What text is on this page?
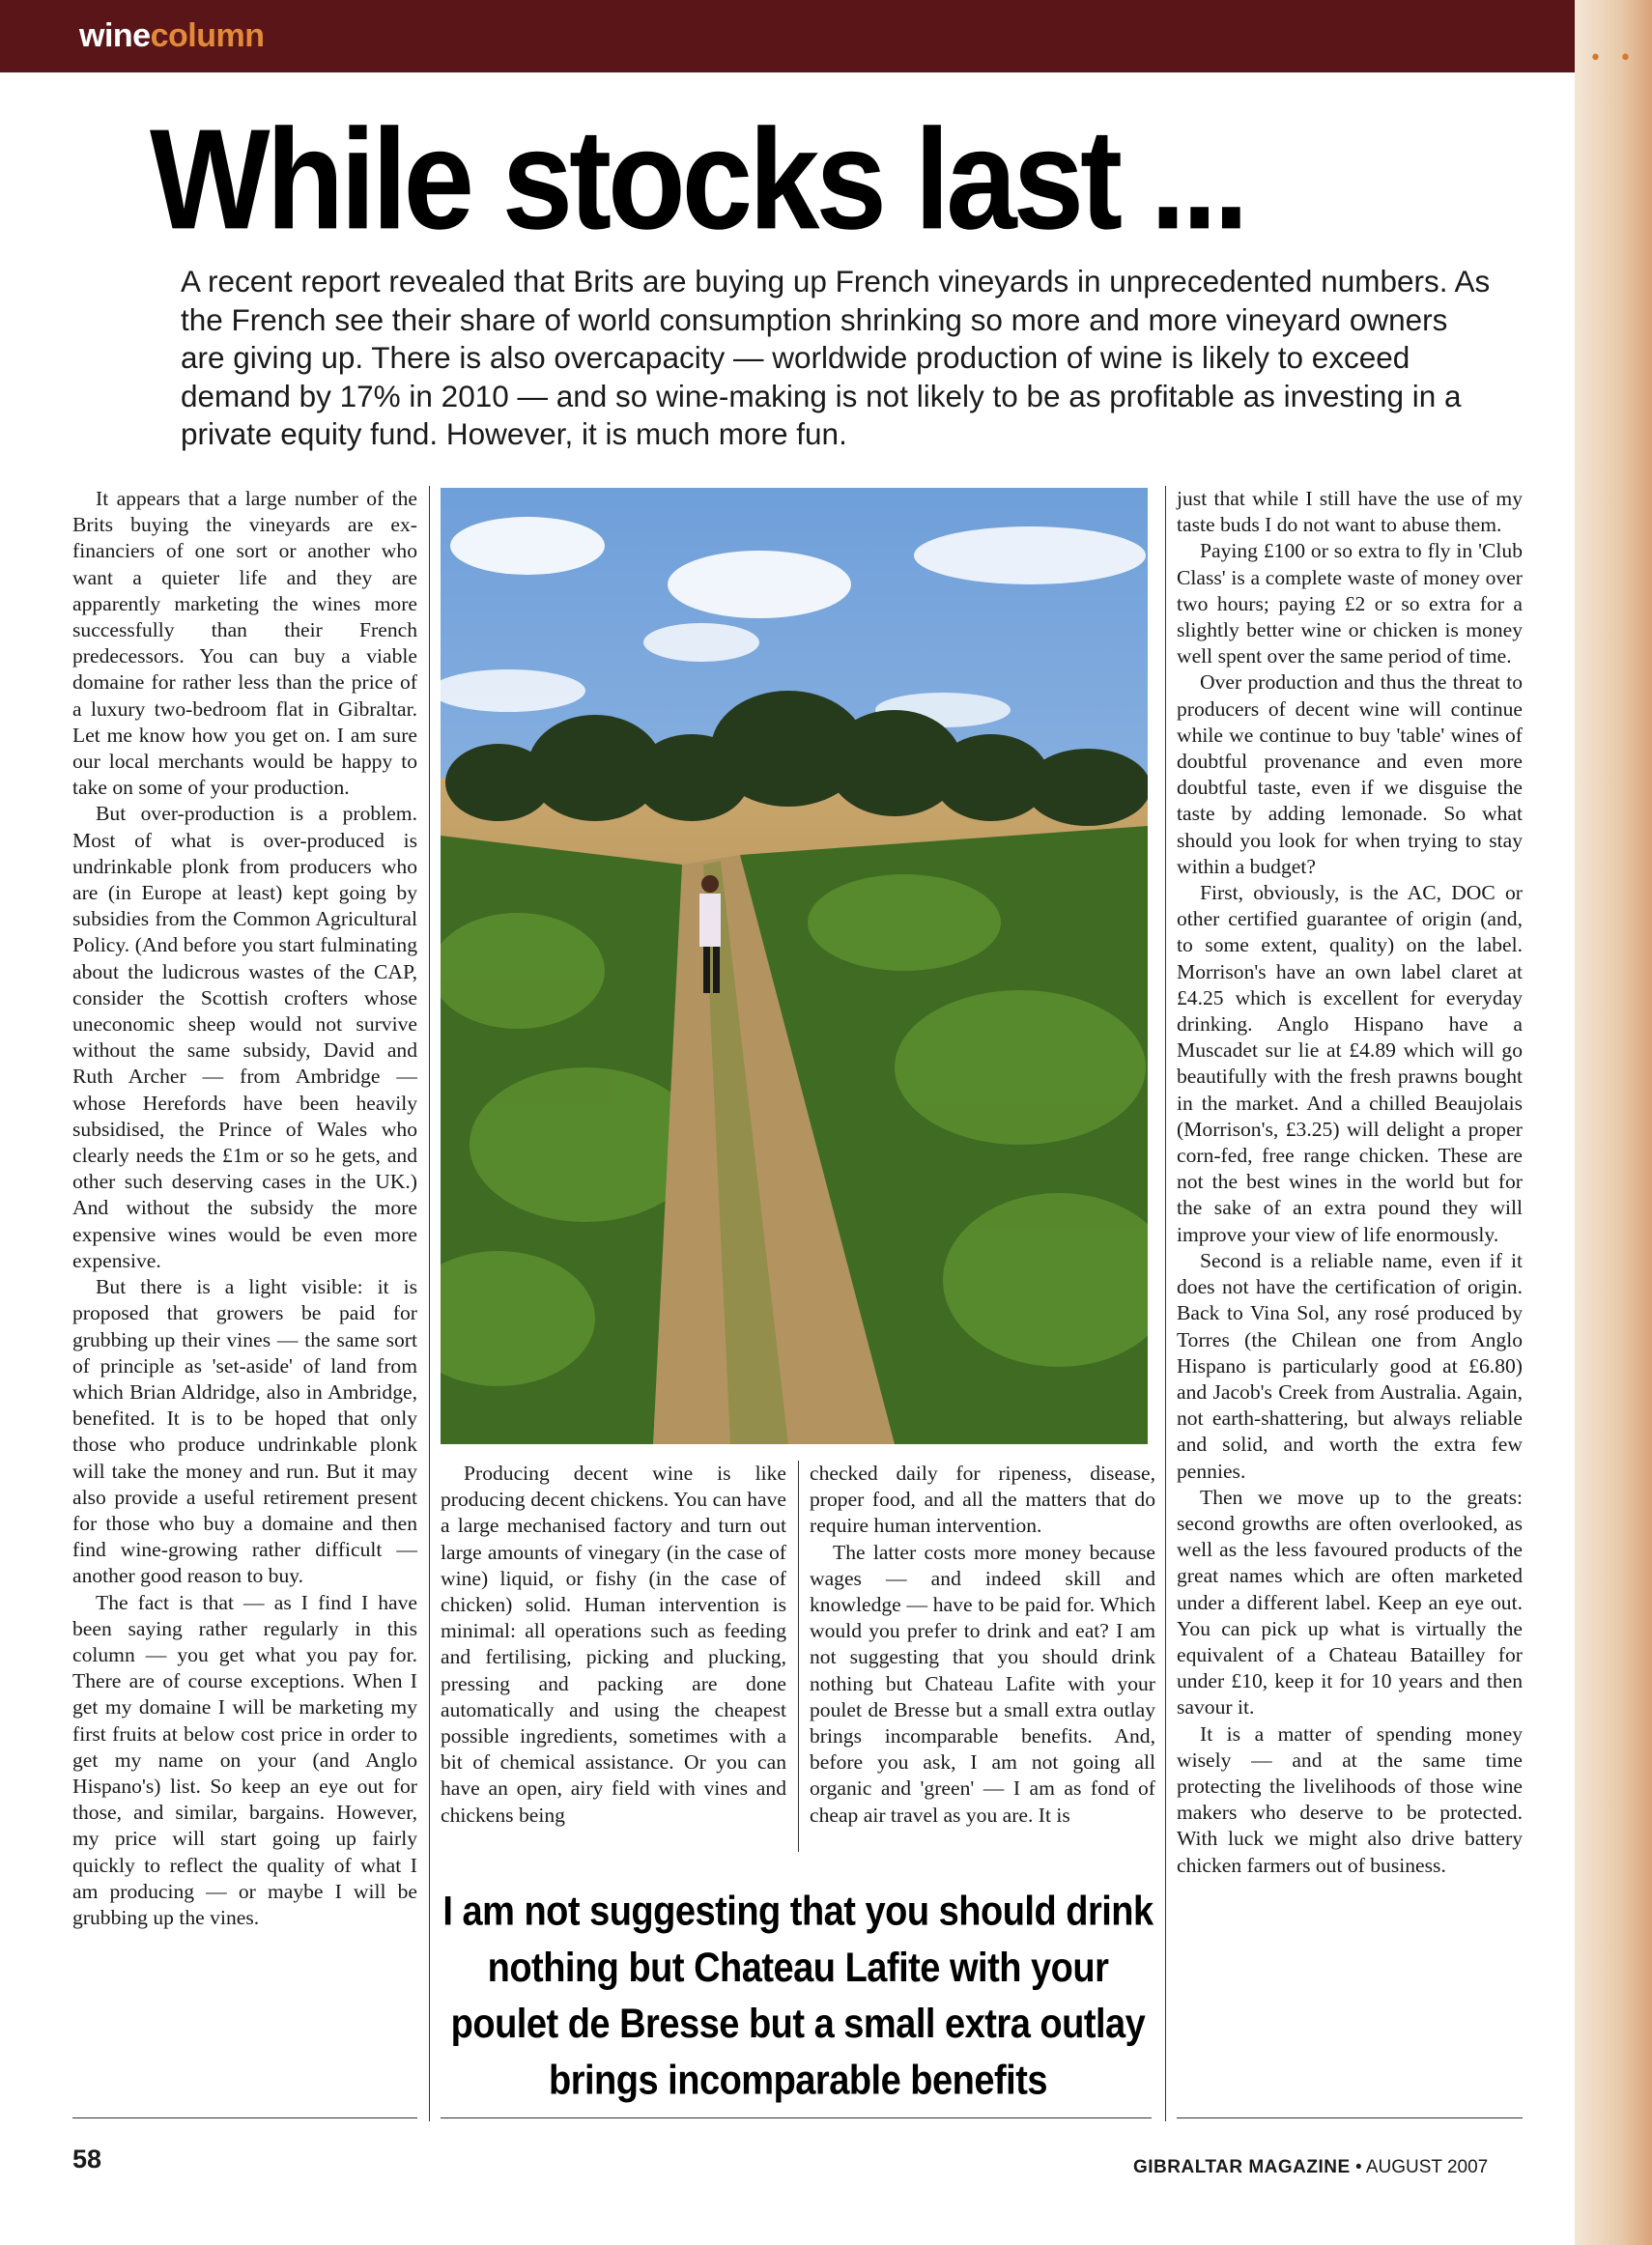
••
winecolumn
While stocks last ...
A recent report revealed that Brits are buying up French vineyards in unprecedented numbers. As the French see their share of world consumption shrinking so more and more vineyard owners are giving up. There is also overcapacity — worldwide production of wine is likely to exceed demand by 17% in 2010 — and so wine-making is not likely to be as profitable as investing in a private equity fund. However, it is much more fun.

It appears that a large number of the Brits buying the vineyards are ex-financiers of one sort or another who want a quieter life and they are apparently marketing the wines more successfully than their French predecessors. You can buy a viable domaine for rather less than the price of a luxury two-bedroom flat in Gibraltar. Let me know how you get on. I am sure our local merchants would be happy to take on some of your production.

But over-production is a problem. Most of what is over-produced is undrinkable plonk from producers who are (in Europe at least) kept going by subsidies from the Common Agricultural Policy. (And before you start fulminating about the ludicrous wastes of the CAP, consider the Scottish crofters whose uneconomic sheep would not survive without the same subsidy, David and Ruth Archer — from Ambridge — whose Herefords have been heavily subsidised, the Prince of Wales who clearly needs the £1m or so he gets, and other such deserving cases in the UK.) And without the subsidy the more expensive wines would be even more expensive.

But there is a light visible: it is proposed that growers be paid for grubbing up their vines — the same sort of principle as 'set-aside' of land from which Brian Aldridge, also in Ambridge, benefited. It is to be hoped that only those who produce undrinkable plonk will take the money and run. But it may also provide a useful retirement present for those who buy a domaine and then find wine-growing rather difficult — another good reason to buy.

The fact is that — as I find I have been saying rather regularly in this column — you get what you pay for. There are of course exceptions. When I get my domaine I will be marketing my first fruits at below cost price in order to get my name on your (and Anglo Hispano's) list. So keep an eye out for those, and similar, bargains. However, my price will start going up fairly quickly to reflect the quality of what I am producing — or maybe I will be grubbing up the vines.

Producing decent wine is like producing decent chickens. You can have a large mechanised factory and turn out large amounts of vinegary (in the case of wine) liquid, or fishy (in the case of chicken) solid. Human intervention is minimal: all operations such as feeding and fertilising, picking and plucking, pressing and packing are done automatically and using the cheapest possible ingredients, sometimes with a bit of chemical assistance. Or you can have an open, airy field with vines and chickens being

checked daily for ripeness, disease, proper food, and all the matters that do require human intervention.

The latter costs more money because wages — and indeed skill and knowledge — have to be paid for. Which would you prefer to drink and eat? I am not suggesting that you should drink nothing but Chateau Lafite with your poulet de Bresse but a small extra outlay brings incomparable benefits. And, before you ask, I am not going all organic and 'green' — I am as fond of cheap air travel as you are. It is

just that while I still have the use of my taste buds I do not want to abuse them.

Paying £100 or so extra to fly in 'Club Class' is a complete waste of money over two hours; paying £2 or so extra for a slightly better wine or chicken is money well spent over the same period of time.

Over production and thus the threat to producers of decent wine will continue while we continue to buy 'table' wines of doubtful provenance and even more doubtful taste, even if we disguise the taste by adding lemonade. So what should you look for when trying to stay within a budget?

First, obviously, is the AC, DOC or other certified guarantee of origin (and, to some extent, quality) on the label. Morrison's have an own label claret at £4.25 which is excellent for everyday drinking. Anglo Hispano have a Muscadet sur lie at £4.89 which will go beautifully with the fresh prawns bought in the market. And a chilled Beaujolais (Morrison's, £3.25) will delight a proper corn-fed, free range chicken. These are not the best wines in the world but for the sake of an extra pound they will improve your view of life enormously.

Second is a reliable name, even if it does not have the certification of origin. Back to Vina Sol, any rosé produced by Torres (the Chilean one from Anglo Hispano is particularly good at £6.80) and Jacob's Creek from Australia. Again, not earth-shattering, but always reliable and solid, and worth the extra few pennies.

Then we move up to the greats: second growths are often overlooked, as well as the less favoured products of the great names which are often marketed under a different label. Keep an eye out. You can pick up what is virtually the equivalent of a Chateau Batailley for under £10, keep it for 10 years and then savour it.

It is a matter of spending money wisely — and at the same time protecting the livelihoods of those wine makers who deserve to be protected. With luck we might also drive battery chicken farmers out of business.

I am not suggesting that you should drink nothing but Chateau Lafite with your poulet de Bresse but a small extra outlay brings incomparable benefits
58	GIBRALTAR MAGAZINE • AUGUST 2007
